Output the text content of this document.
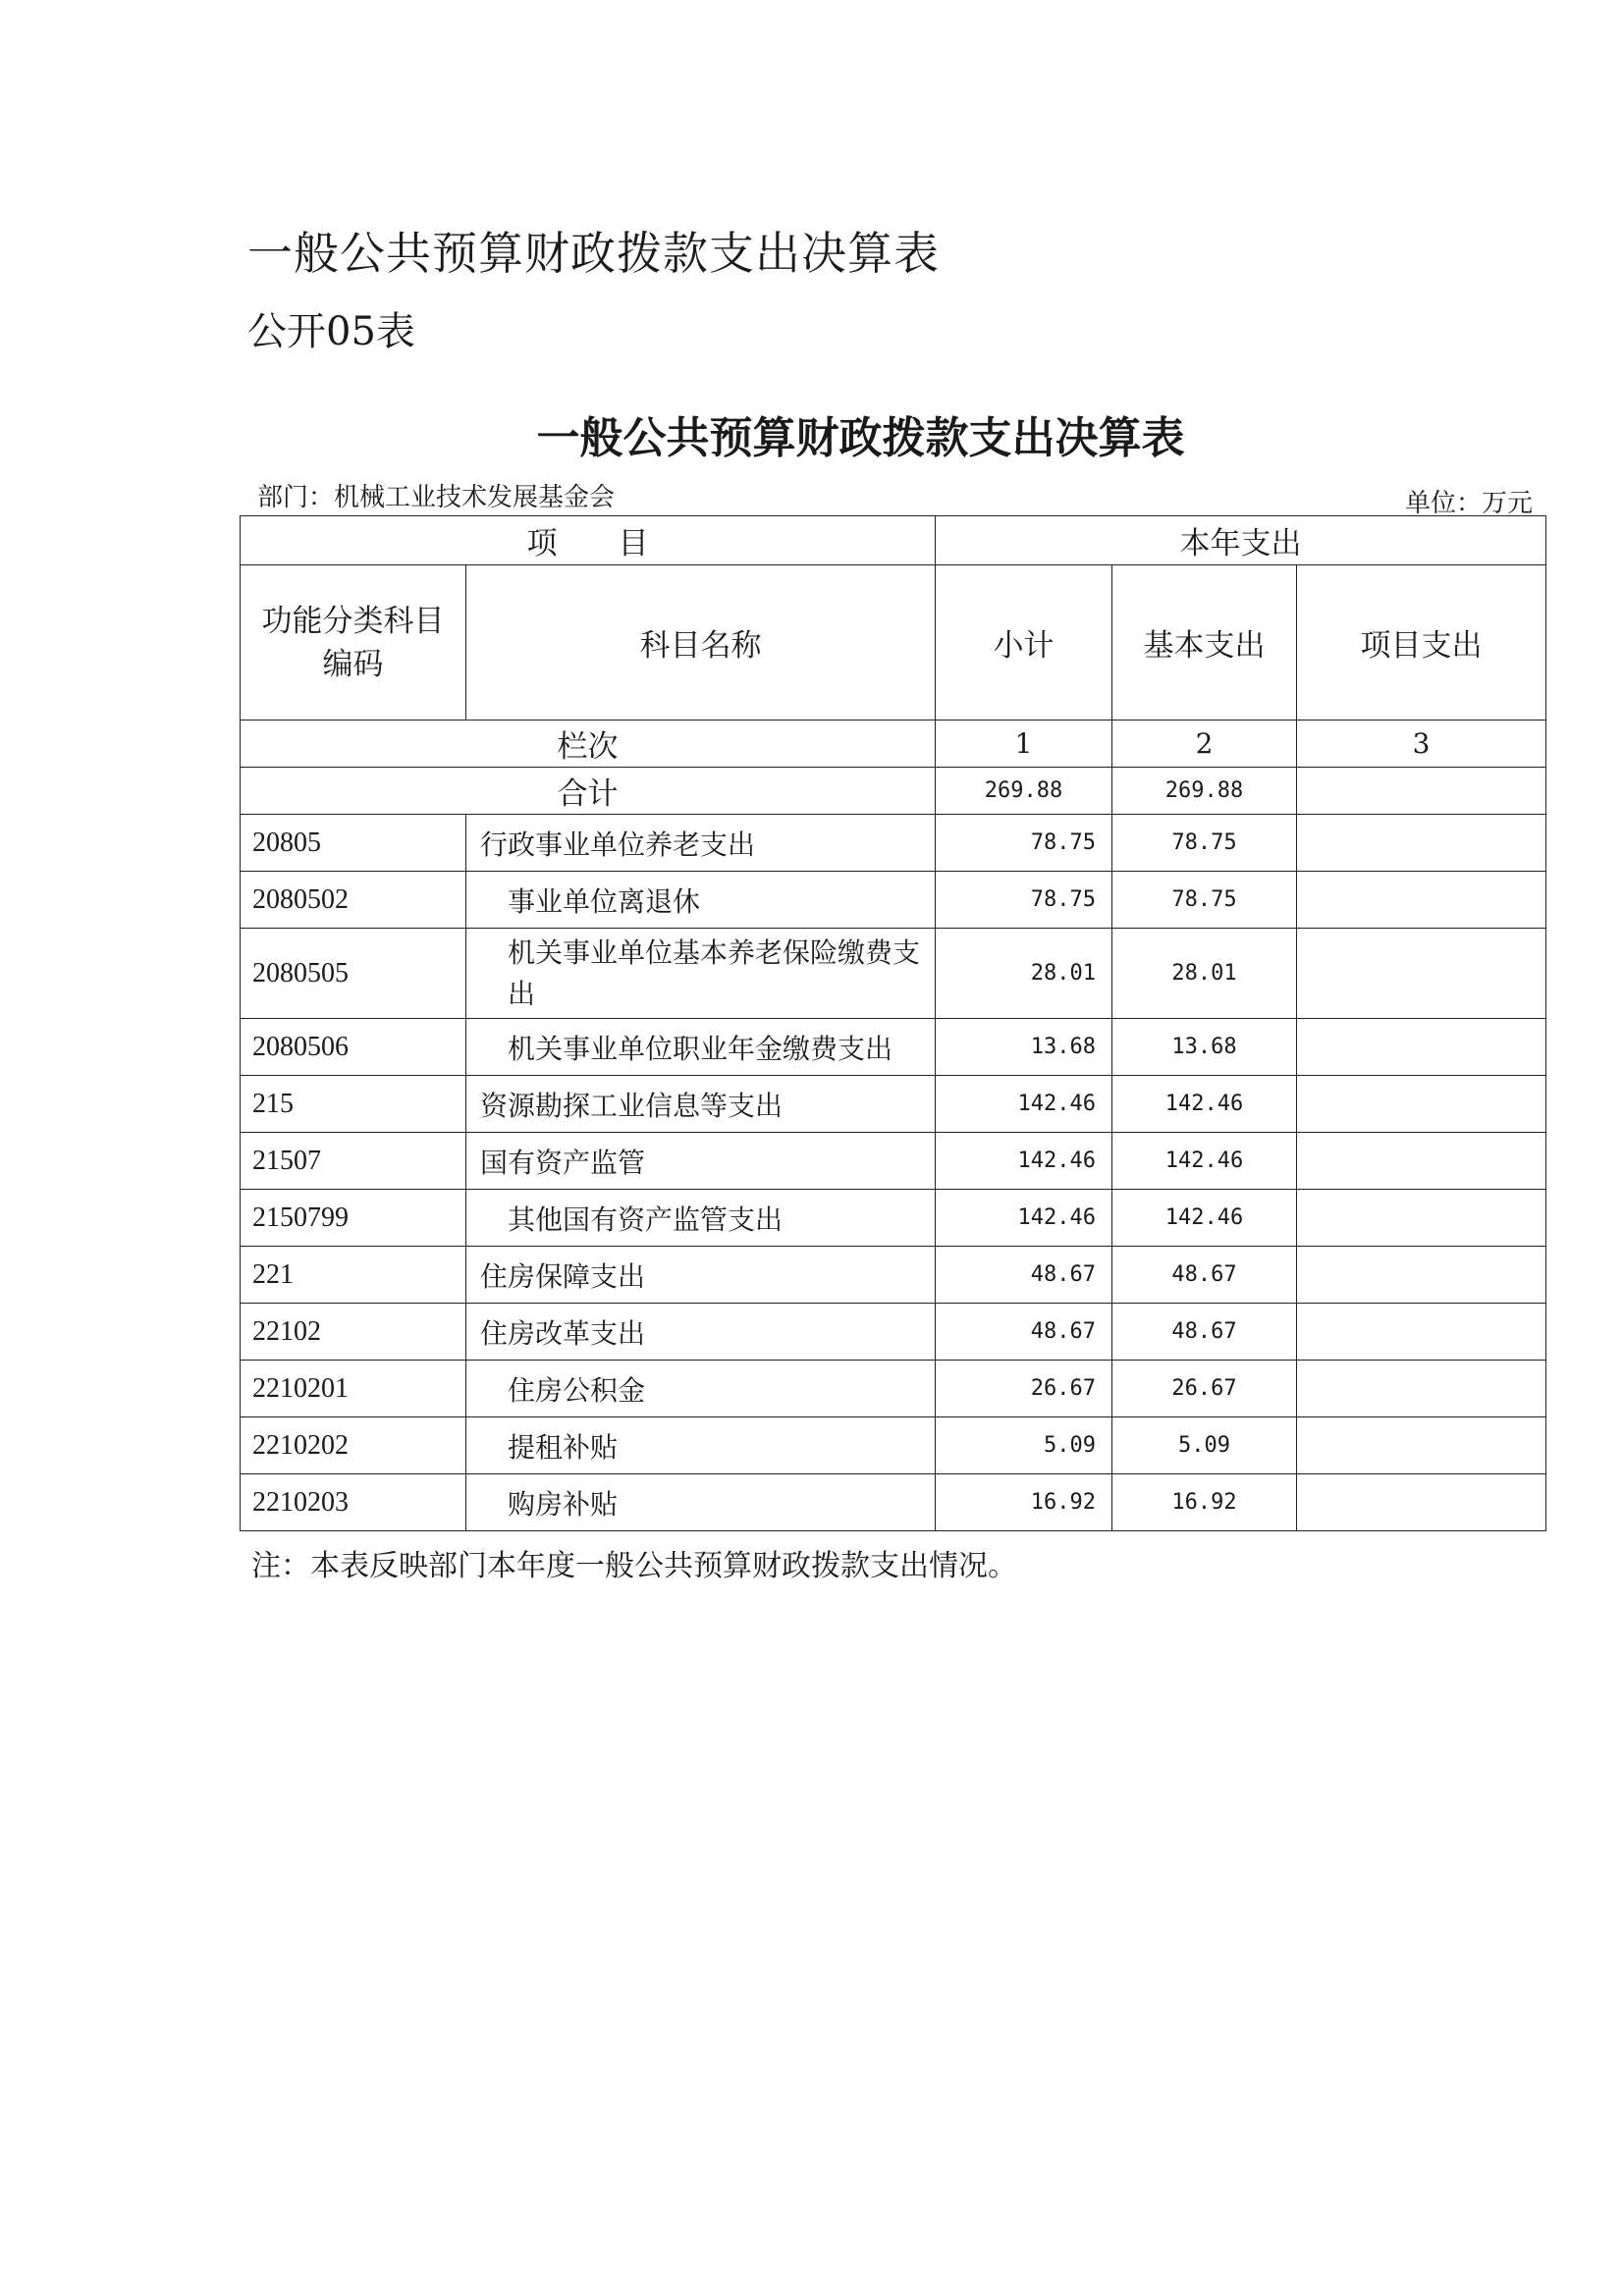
一般公共预算财政拨款支出决算表
公开05表
一般公共预算财政拨款支出决算表
部门：机械工业技术发展基金会	单位：万元
项　　目		本年支出		
功能分类科目编码	科目名称	小计	基本支出	项目支出
栏次		1	2	3
合计		269.88	269.88	
20805	行政事业单位养老支出	78.75	78.75	
2080502	事业单位离退休	78.75	78.75	
2080505	机关事业单位基本养老保险缴费支出	28.01	28.01	
2080506	机关事业单位职业年金缴费支出	13.68	13.68	
215	资源勘探工业信息等支出	142.46	142.46	
21507	国有资产监管	142.46	142.46	
2150799	其他国有资产监管支出	142.46	142.46	
221	住房保障支出	48.67	48.67	
22102	住房改革支出	48.67	48.67	
2210201	住房公积金	26.67	26.67	
2210202	提租补贴	5.09	5.09	
2210203	购房补贴	16.92	16.92	
注：本表反映部门本年度一般公共预算财政拨款支出情况。
